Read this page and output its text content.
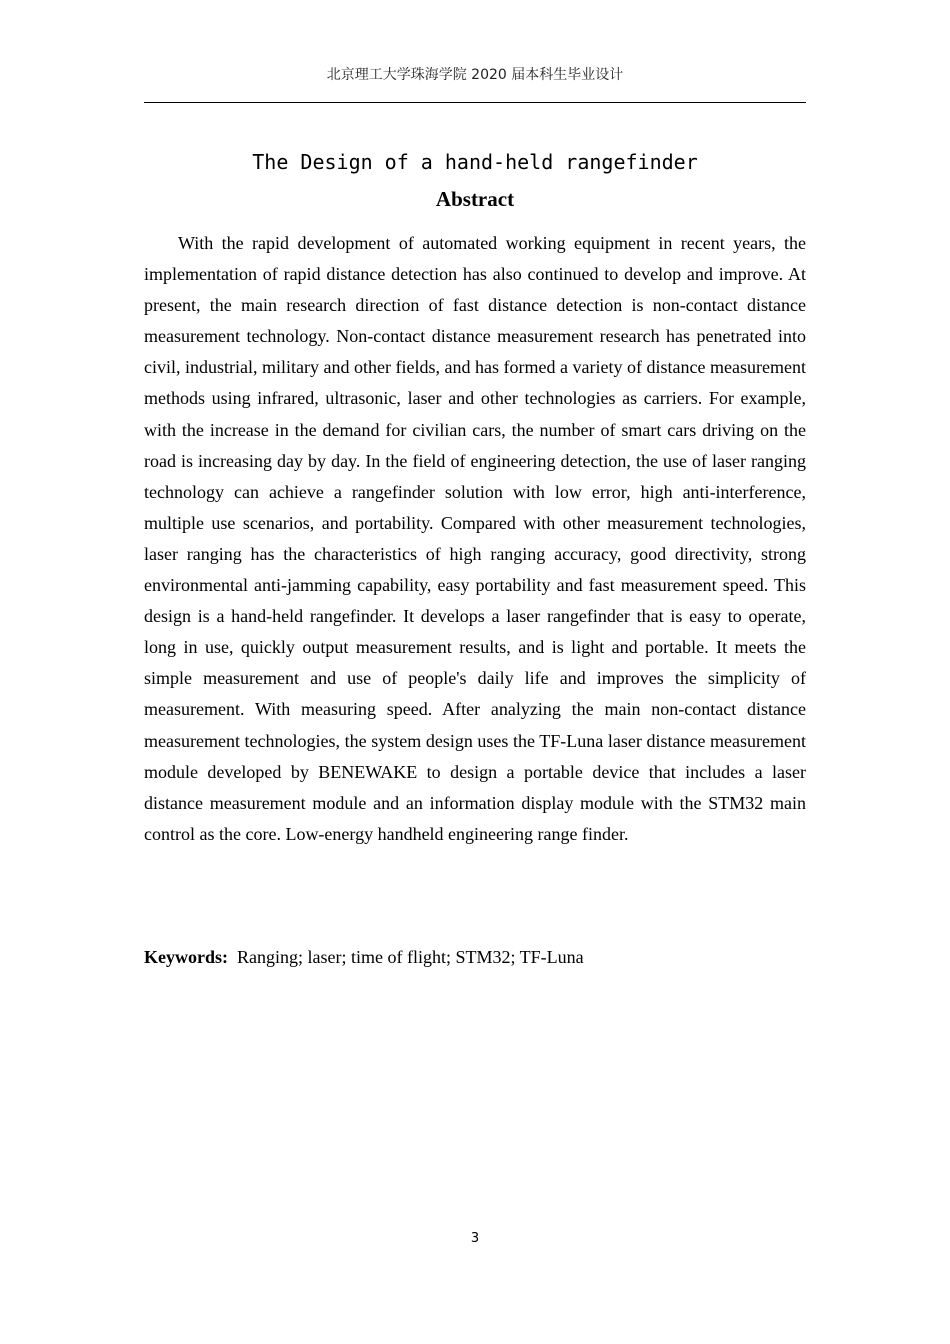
北京理工大学珠海学院 2020 届本科生毕业设计
The Design of a hand-held rangefinder
Abstract

With the rapid development of automated working equipment in recent years, the implementation of rapid distance detection has also continued to develop and improve. At present, the main research direction of fast distance detection is non-contact distance measurement technology. Non-contact distance measurement research has penetrated into civil, industrial, military and other fields, and has formed a variety of distance measurement methods using infrared, ultrasonic, laser and other technologies as carriers. For example, with the increase in the demand for civilian cars, the number of smart cars driving on the road is increasing day by day. In the field of engineering detection, the use of laser ranging technology can achieve a rangefinder solution with low error, high anti-interference, multiple use scenarios, and portability. Compared with other measurement technologies, laser ranging has the characteristics of high ranging accuracy, good directivity, strong environmental anti-jamming capability, easy portability and fast measurement speed. This design is a hand-held rangefinder. It develops a laser rangefinder that is easy to operate, long in use, quickly output measurement results, and is light and portable. It meets the simple measurement and use of people's daily life and improves the simplicity of measurement. With measuring speed. After analyzing the main non-contact distance measurement technologies, the system design uses the TF-Luna laser distance measurement module developed by BENEWAKE to design a portable device that includes a laser distance measurement module and an information display module with the STM32 main control as the core. Low-energy handheld engineering range finder.

Keywords: Ranging; laser; time of flight; STM32; TF-Luna

3
